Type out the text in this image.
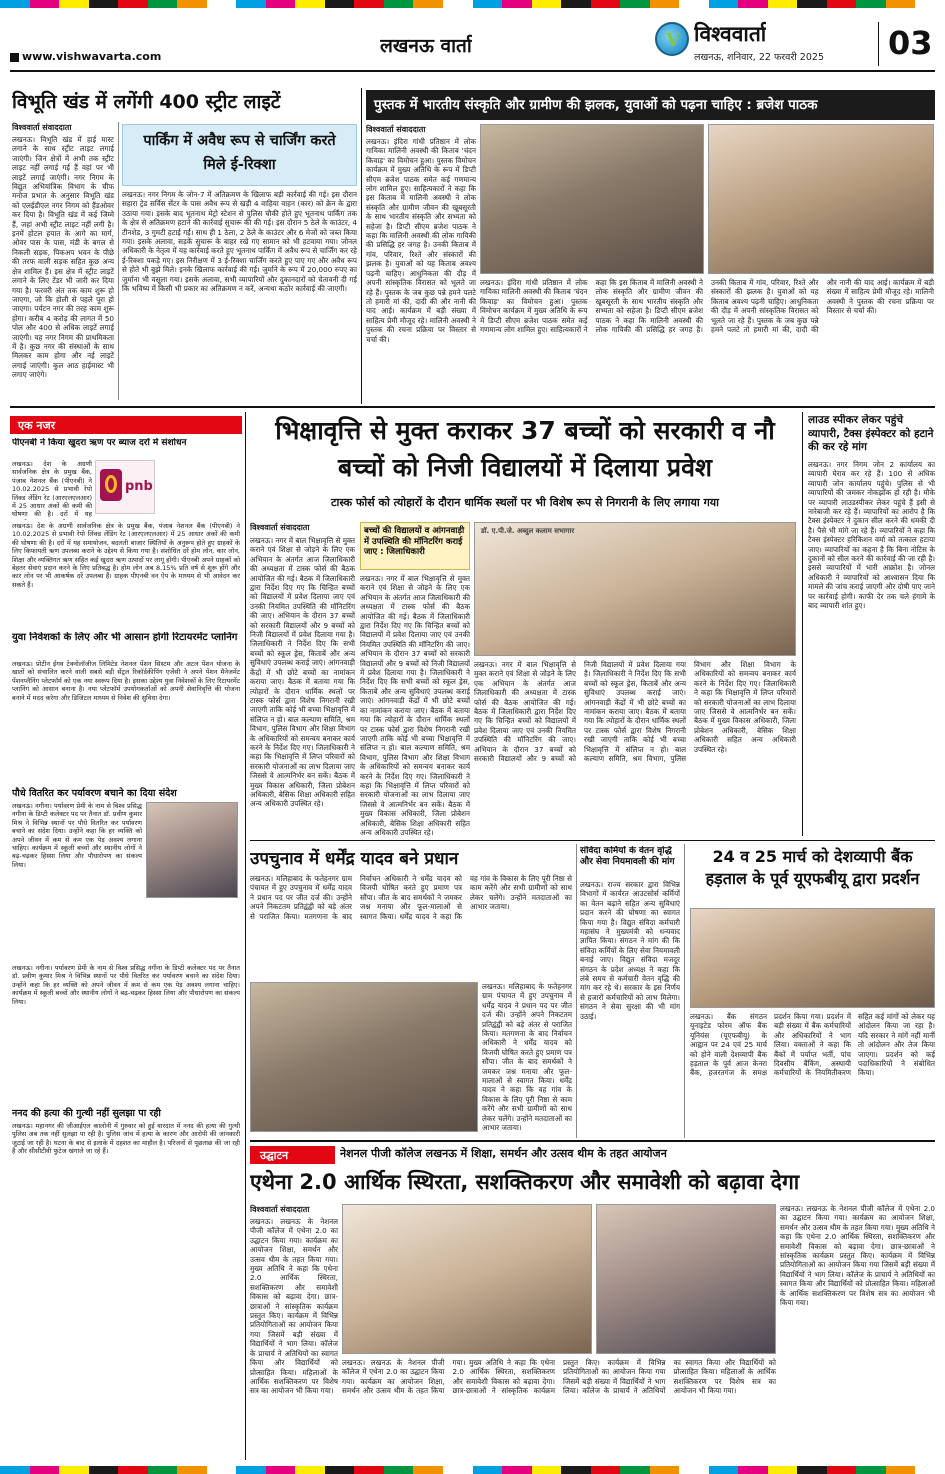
www.vishwavarta.com	लखनऊ वार्ता	V विश्ववार्ता
लखनऊ, शनिवार, 22 फरवरी 2025 03
विभूति खंड में लगेंगी 400 स्ट्रीट लाइटें
विश्ववार्ता संवाददाता
लखनऊ। विभूति खंड में हाई मास्ट लगाने के साथ स्ट्रीट लाइट लगाई जाएंगी। जिन क्षेत्रों में अभी तक स्ट्रीट लाइट नहीं लगाई गई हैं वहां पर भी लाइटें लगाई जाएंगी। नगर निगम के विद्युत अभियांत्रिक विभाग के चीफ मनोज प्रभात के अनुसार विभूति खंड को एलईडीएल नगर निगम को हैंडओवर कर दिया है। विभूति खंड में कई जिम्मे हैं, जहां अभी स्ट्रीट लाइट नहीं लगी है। इनमें होटल हयात के आगे का मार्ग, ओवर पास के पास, मंडी के बगल से निकली सड़क, पिकअप भवन के पीछे की तरफ वाली सड़क सहित कुछ अन्य क्षेत्र शामिल हैं। इस क्षेत्र में स्ट्रीट लाइटें लगाने के लिए टेंडर भी जारी कर दिया गया है। फरवरी अंत तक काम शुरू हो जाएगा, जो कि होली से पहले पूरा हो जाएगा। पर्यटन नगर की तरह काम शुरू होगा। करीब 4 करोड़ की लागत में 50 पोल और 400 से अधिक लाइटें लगाई जाएंगी। यह नगर निगम की प्राथमिकता में है। कुछ नगर की संस्थाओं के साथ मिलकर काम होगा और नई लाइटें लगाई जाएंगी। कुल आठ हाईमास्ट भी लगाए जाएंगे।
पार्किंग में अवैध रूप से चार्जिंग करते मिले ई-रिक्शा
लखनऊ। नगर निगम के जोन-7 में अतिक्रमण के खिलाफ बड़ी कार्रवाई की गई। इस दौरान सहारा ट्रेड सर्विस सेंटर के पास अवैध रूप से खड़ी 4 वाहिया वाहन (कार) को क्रेन के द्वारा उठाया गया। इसके बाद भूतनाथ मेट्रो स्टेशन से पुलिस चौकी होते हुए भूतनाथ पार्किंग तक के क्षेत्र से अतिक्रमण हटाने की कार्रवाई सुचारू की की गई। इस दौरान 5 ठेले के काउंटर, 4 टीनशेड, 3 गुमटी हटाई गईं। साथ ही 1 ठेला, 2 ठेले के काउंटर और 6 मेजों को जब्त किया गया। इसके अलावा, सड़कें सुचारू के बाहर रखे गए सामान को भी हटवाया गया। जोनल अधिकारी के नेतृत्व में यह कार्रवाई करते हुए भूतनाथ पार्किंग में अवैध रूप से चार्जिंग कर रहे ई-रिक्शा पकड़े गए। इस निरीक्षण में 3 ई-रिक्शा चार्जिंग करते हुए पाए गए और अवैध रूप से होते भी बुझे मिले। इनके खिलाफ कार्रवाई की गई। जुर्माने के रूप में 20,000 रुपए का जुर्माना भी वसूला गया। इसके अलावा, सभी व्यापारियों और दुकानदारों को चेतावनी दी गई कि भविष्य में किसी भी प्रकार का अतिक्रमण न करें, अन्यथा कठोर कार्रवाई की जाएगी।
पुस्तक में भारतीय संस्कृति और ग्रामीण की झलक, युवाओं को पढ़ना चाहिए : ब्रजेश पाठक
विश्ववार्ता संवाददाता
लखनऊ। इंदिरा गांधी प्रतिष्ठान में लोक गायिका मालिनी अवस्थी की किताब 'चंदन किवाड़' का विमोचन हुआ। पुस्तक विमोचन कार्यक्रम में मुख्य अतिथि के रूप में डिप्टी सीएम ब्रजेश पाठक समेत कई गणमान्य लोग शामिल हुए। साहित्यकारों ने कहा कि इस किताब में मालिनी अवस्थी ने लोक संस्कृति और ग्रामीण जीवन की खूबसूरती के साथ भारतीय संस्कृति और सभ्यता को सहेजा है। डिप्टी सीएम ब्रजेश पाठक ने कहा कि मालिनी अवस्थी की लोक गायिकी की प्रसिद्धि हर जगह है। उनकी किताब में गांव, परिवार, रिश्ते और संस्कारों की झलक है। युवाओं को यह किताब अवश्य पढ़नी चाहिए। आधुनिकता की दौड़ में अपनी सांस्कृतिक विरासत को भूलते जा रहे हैं। पुस्तक के जब कुछ पन्ने हमने पलटे तो हमारी मां की, दादी की और नानी की याद आई। कार्यक्रम में बड़ी संख्या में साहित्य प्रेमी मौजूद रहे। मालिनी अवस्थी ने पुस्तक की रचना प्रक्रिया पर विस्तार से चर्चा की।
लखनऊ। इंदिरा गांधी प्रतिष्ठान में लोक गायिका मालिनी अवस्थी की किताब 'चंदन किवाड़' का विमोचन हुआ। पुस्तक विमोचन कार्यक्रम में मुख्य अतिथि के रूप में डिप्टी सीएम ब्रजेश पाठक समेत कई गणमान्य लोग शामिल हुए। साहित्यकारों ने कहा कि इस किताब में मालिनी अवस्थी ने लोक संस्कृति और ग्रामीण जीवन की खूबसूरती के साथ भारतीय संस्कृति और सभ्यता को सहेजा है। डिप्टी सीएम ब्रजेश पाठक ने कहा कि मालिनी अवस्थी की लोक गायिकी की प्रसिद्धि हर जगह है। उनकी किताब में गांव, परिवार, रिश्ते और संस्कारों की झलक है। युवाओं को यह किताब अवश्य पढ़नी चाहिए। आधुनिकता की दौड़ में अपनी सांस्कृतिक विरासत को भूलते जा रहे हैं। पुस्तक के जब कुछ पन्ने हमने पलटे तो हमारी मां की, दादी की और नानी की याद आई। कार्यक्रम में बड़ी संख्या में साहित्य प्रेमी मौजूद रहे। मालिनी अवस्थी ने पुस्तक की रचना प्रक्रिया पर विस्तार से चर्चा की।
एक नजर
पीएनबी ने किया खुदरा ऋण पर ब्याज दरों में संशोधन
लखनऊ। देश के अग्रणी सार्वजनिक क्षेत्र के प्रमुख बैंक, पंजाब नेशनल बैंक (पीएनबी) ने 10.02.2025 से प्रभावी रेपो लिंक्ड लेंडिंग रेट (आरएलएलआर) में 25 आधार अंकों की कमी की घोषणा की है। दरों में यह
pnb
लखनऊ। देश के अग्रणी सार्वजनिक क्षेत्र के प्रमुख बैंक, पंजाब नेशनल बैंक (पीएनबी) ने 10.02.2025 से प्रभावी रेपो लिंक्ड लेंडिंग रेट (आरएलएलआर) में 25 आधार अंकों की कमी की घोषणा की है। दरों में यह समायोजन, बदलती बाजार स्थितियों के अनुरूप होते हुए ग्राहकों के लिए किफायती ऋण उपलब्ध कराने के उद्देश्य से किया गया है। संशोधित दरें होम लोन, कार लोन, शिक्षा और व्यक्तिगत ऋण सहित कई खुदरा ऋण उत्पादों पर लागू होंगी। पीएनबी अपने ग्राहकों को बेहतर सेवाएं प्रदान करने के लिए प्रतिबद्ध है। होम लोन अब 8.15% प्रति वर्ष से शुरू होंगे और कार लोन पर भी आकर्षक दरें उपलब्ध हैं। ग्राहक पीएनबी वन ऐप के माध्यम से भी आवेदन कर सकते हैं।
युवा निवेशकों के लिए और भी आसान होगी रिटायरमेंट प्लानिंग
लखनऊ। प्रोटीन ईगव टेक्नोलॉजीज लिमिटेड नेशनल पेंशन सिस्टम और अटल पेंशन योजना के खातों को संचालित करने वाली सबसे बड़ी सेंट्रल रिकॉर्डकीपिंग एजेंसी ने अपने पेंशन मैनेजमेंट पेंशनप्लैनिंग प्लेटफॉर्म को एक नया स्वरूप दिया है। इसका उद्देश्य युवा निवेशकों के लिए रिटायरमेंट प्लानिंग को आसान बनाना है। नया प्लेटफॉर्म उपयोगकर्ताओं को अपनी सेवानिवृत्ति की योजना बनाने में मदद करेगा और डिजिटल माध्यम से निवेश की सुविधा देगा।
पौधे वितरित कर पर्यावरण बचाने का दिया संदेश
लखनऊ। नगीना। पर्यावरण प्रेमी के नाम से विश्व प्रसिद्ध नगीना के डिप्टी कलेक्टर पद पर तैनात डॉ. प्रवीण कुमार मिश्र ने विभिन्न स्थानों पर पौधे वितरित कर पर्यावरण बचाने का संदेश दिया। उन्होंने कहा कि हर व्यक्ति को अपने जीवन में कम से कम एक पेड़ अवश्य लगाना चाहिए। कार्यक्रम में स्कूली बच्चों और स्थानीय लोगों ने बढ़-चढ़कर हिस्सा लिया और पौधारोपण का संकल्प लिया।
लखनऊ। नगीना। पर्यावरण प्रेमी के नाम से विश्व प्रसिद्ध नगीना के डिप्टी कलेक्टर पद पर तैनात डॉ. प्रवीण कुमार मिश्र ने विभिन्न स्थानों पर पौधे वितरित कर पर्यावरण बचाने का संदेश दिया। उन्होंने कहा कि हर व्यक्ति को अपने जीवन में कम से कम एक पेड़ अवश्य लगाना चाहिए। कार्यक्रम में स्कूली बच्चों और स्थानीय लोगों ने बढ़-चढ़कर हिस्सा लिया और पौधारोपण का संकल्प लिया।
ननद की हत्या की गुत्थी नहीं सुलझा पा रही
लखनऊ। महानगर की जीआईएल कालोनी में गुरुवार को हुई वारदात में ननद की हत्या की गुत्थी पुलिस अब तक नहीं सुलझा पा रही है। पुलिस जांच में हत्या के कारण और आरोपी की जानकारी जुटाई जा रही है। घटना के बाद से इलाके में दहशत का माहौल है। परिजनों से पूछताछ की जा रही है और सीसीटीवी फुटेज खंगाले जा रहे हैं।
भिक्षावृत्ति से मुक्त कराकर 37 बच्चों को सरकारी व नौ बच्चों को निजी विद्यालयों में दिलाया प्रवेश
टास्क फोर्स को त्योहारों के दौरान धार्मिक स्थलों पर भी विशेष रूप से निगरानी के लिए लगाया गया
विश्ववार्ता संवाददाता	बच्चों की विद्यालयों व आंगनवाड़ी में उपस्थिति की मॉनिटरिंग कराई जाए : जिलाधिकारी
डॉ. ए.पी.जे. अब्दुल कलाम सभागार
लखनऊ। नगर में बाल भिक्षावृत्ति से मुक्त कराने एवं शिक्षा से जोड़ने के लिए एक अभियान के अंतर्गत आज जिलाधिकारी की अध्यक्षता में टास्क फोर्स की बैठक आयोजित की गई। बैठक में जिलाधिकारी द्वारा निर्देश दिए गए कि चिन्हित बच्चों को विद्यालयों में प्रवेश दिलाया जाए एवं उनकी नियमित उपस्थिति की मॉनिटरिंग की जाए। अभियान के दौरान 37 बच्चों को सरकारी विद्यालयों और 9 बच्चों को निजी विद्यालयों में प्रवेश दिलाया गया है। जिलाधिकारी ने निर्देश दिए कि सभी बच्चों को स्कूल ड्रेस, किताबें और अन्य सुविधाएं उपलब्ध कराई जाएं। आंगनवाड़ी केंद्रों में भी छोटे बच्चों का नामांकन कराया जाए। बैठक में बताया गया कि त्योहारों के दौरान धार्मिक स्थलों पर टास्क फोर्स द्वारा विशेष निगरानी रखी जाएगी ताकि कोई भी बच्चा भिक्षावृत्ति में संलिप्त न हो। बाल कल्याण समिति, श्रम विभाग, पुलिस विभाग और शिक्षा विभाग के अधिकारियों को समन्वय बनाकर कार्य करने के निर्देश दिए गए। जिलाधिकारी ने कहा कि भिक्षावृत्ति में लिप्त परिवारों को सरकारी योजनाओं का लाभ दिलाया जाए जिससे वे आत्मनिर्भर बन सकें। बैठक में मुख्य विकास अधिकारी, जिला प्रोबेशन अधिकारी, बेसिक शिक्षा अधिकारी सहित अन्य अधिकारी उपस्थित रहे।
लखनऊ। नगर में बाल भिक्षावृत्ति से मुक्त कराने एवं शिक्षा से जोड़ने के लिए एक अभियान के अंतर्गत आज जिलाधिकारी की अध्यक्षता में टास्क फोर्स की बैठक आयोजित की गई। बैठक में जिलाधिकारी द्वारा निर्देश दिए गए कि चिन्हित बच्चों को विद्यालयों में प्रवेश दिलाया जाए एवं उनकी नियमित उपस्थिति की मॉनिटरिंग की जाए। अभियान के दौरान 37 बच्चों को सरकारी विद्यालयों और 9 बच्चों को निजी विद्यालयों में प्रवेश दिलाया गया है। जिलाधिकारी ने निर्देश दिए कि सभी बच्चों को स्कूल ड्रेस, किताबें और अन्य सुविधाएं उपलब्ध कराई जाएं। आंगनवाड़ी केंद्रों में भी छोटे बच्चों का नामांकन कराया जाए। बैठक में बताया गया कि त्योहारों के दौरान धार्मिक स्थलों पर टास्क फोर्स द्वारा विशेष निगरानी रखी जाएगी ताकि कोई भी बच्चा भिक्षावृत्ति में संलिप्त न हो। बाल कल्याण समिति, श्रम विभाग, पुलिस विभाग और शिक्षा विभाग के अधिकारियों को समन्वय बनाकर कार्य करने के निर्देश दिए गए। जिलाधिकारी ने कहा कि भिक्षावृत्ति में लिप्त परिवारों को सरकारी योजनाओं का लाभ दिलाया जाए जिससे वे आत्मनिर्भर बन सकें। बैठक में मुख्य विकास अधिकारी, जिला प्रोबेशन अधिकारी, बेसिक शिक्षा अधिकारी सहित अन्य अधिकारी उपस्थित रहे।
लखनऊ। नगर में बाल भिक्षावृत्ति से मुक्त कराने एवं शिक्षा से जोड़ने के लिए एक अभियान के अंतर्गत आज जिलाधिकारी की अध्यक्षता में टास्क फोर्स की बैठक आयोजित की गई। बैठक में जिलाधिकारी द्वारा निर्देश दिए गए कि चिन्हित बच्चों को विद्यालयों में प्रवेश दिलाया जाए एवं उनकी नियमित उपस्थिति की मॉनिटरिंग की जाए। अभियान के दौरान 37 बच्चों को सरकारी विद्यालयों और 9 बच्चों को निजी विद्यालयों में प्रवेश दिलाया गया है। जिलाधिकारी ने निर्देश दिए कि सभी बच्चों को स्कूल ड्रेस, किताबें और अन्य सुविधाएं उपलब्ध कराई जाएं। आंगनवाड़ी केंद्रों में भी छोटे बच्चों का नामांकन कराया जाए। बैठक में बताया गया कि त्योहारों के दौरान धार्मिक स्थलों पर टास्क फोर्स द्वारा विशेष निगरानी रखी जाएगी ताकि कोई भी बच्चा भिक्षावृत्ति में संलिप्त न हो। बाल कल्याण समिति, श्रम विभाग, पुलिस विभाग और शिक्षा विभाग के अधिकारियों को समन्वय बनाकर कार्य करने के निर्देश दिए गए। जिलाधिकारी ने कहा कि भिक्षावृत्ति में लिप्त परिवारों को सरकारी योजनाओं का लाभ दिलाया जाए जिससे वे आत्मनिर्भर बन सकें। बैठक में मुख्य विकास अधिकारी, जिला प्रोबेशन अधिकारी, बेसिक शिक्षा अधिकारी सहित अन्य अधिकारी उपस्थित रहे।
लाउड स्पीकर लेकर पहुंचे व्यापारी, टैक्स इंस्पेक्टर को हटाने की कर रहे मांग
लखनऊ। नगर निगम जोन 2 कार्यालय का व्यापारी घेराव कर रहे हैं। 100 से अधिक व्यापारी जोन कार्यालय पहुंचे। पुलिस से भी व्यापारियों की जमकर नोकझोंक हो रही है। मौके पर व्यापारी लाउडस्पीकर लेकर पहुंचे हैं इसी से नारेबाजी कर रहे हैं। व्यापारियों का आरोप है कि टैक्स इंस्पेक्टर ने दुकान सील करने की धमकी दी है। पैसे भी मांगे जा रहे हैं। व्यापारियों ने कहा कि टैक्स इंस्पेक्टर हरिकिशन वर्मा को तत्काल हटाया जाए। व्यापारियों का कहना है कि बिना नोटिस के दुकानों को सील करने की कार्रवाई की जा रही है। इससे व्यापारियों में भारी आक्रोश है। जोनल अधिकारी ने व्यापारियों को आश्वासन दिया कि मामले की जांच कराई जाएगी और दोषी पाए जाने पर कार्रवाई होगी। काफी देर तक चले हंगामे के बाद व्यापारी शांत हुए।
उपचुनाव में धर्मेंद्र यादव बने प्रधान
लखनऊ। मलिहाबाद के फतेहनगर ग्राम पंचायत में हुए उपचुनाव में धर्मेंद्र यादव ने प्रधान पद पर जीत दर्ज की। उन्होंने अपने निकटतम प्रतिद्वंद्वी को बड़े अंतर से पराजित किया। मतगणना के बाद निर्वाचन अधिकारी ने धर्मेंद्र यादव को विजयी घोषित करते हुए प्रमाण पत्र सौंपा। जीत के बाद समर्थकों ने जमकर जश्न मनाया और फूल-मालाओं से स्वागत किया। धर्मेंद्र यादव ने कहा कि वह गांव के विकास के लिए पूरी निष्ठा से काम करेंगे और सभी ग्रामीणों को साथ लेकर चलेंगे। उन्होंने मतदाताओं का आभार जताया।
लखनऊ। मलिहाबाद के फतेहनगर ग्राम पंचायत में हुए उपचुनाव में धर्मेंद्र यादव ने प्रधान पद पर जीत दर्ज की। उन्होंने अपने निकटतम प्रतिद्वंद्वी को बड़े अंतर से पराजित किया। मतगणना के बाद निर्वाचन अधिकारी ने धर्मेंद्र यादव को विजयी घोषित करते हुए प्रमाण पत्र सौंपा। जीत के बाद समर्थकों ने जमकर जश्न मनाया और फूल-मालाओं से स्वागत किया। धर्मेंद्र यादव ने कहा कि वह गांव के विकास के लिए पूरी निष्ठा से काम करेंगे और सभी ग्रामीणों को साथ लेकर चलेंगे। उन्होंने मतदाताओं का आभार जताया।
संविदा कर्मियों के वेतन वृद्धि और सेवा नियमावली की मांग
लखनऊ। राज्य सरकार द्वारा विभिन्न विभागों में कार्यरत आउटसोर्स कर्मियों का वेतन बढ़ाने सहित अन्य सुविधाएं प्रदान करने की घोषणा का स्वागत किया गया है। विद्युत संविदा कर्मचारी महासंघ ने मुख्यमंत्री को धन्यवाद ज्ञापित किया। संगठन ने मांग की कि संविदा कर्मियों के लिए सेवा नियमावली बनाई जाए। विद्युत संविदा मजदूर संगठन के प्रदेश अध्यक्ष ने कहा कि लंबे समय से कर्मचारी वेतन वृद्धि की मांग कर रहे थे। सरकार के इस निर्णय से हजारों कर्मचारियों को लाभ मिलेगा। संगठन ने सेवा सुरक्षा की भी मांग उठाई।
24 व 25 मार्च को देशव्यापी बैंक हड़ताल के पूर्व यूएफबीयू द्वारा प्रदर्शन
लखनऊ। बैंक संगठन यूनाइटेड फोरम ऑफ बैंक यूनियंस (यूएफबीयू) के आह्वान पर 24 एवं 25 मार्च को होने वाली देशव्यापी बैंक हड़ताल के पूर्व आज केनरा बैंक, हजरतगंज के समक्ष प्रदर्शन किया गया। प्रदर्शन में बड़ी संख्या में बैंक कर्मचारियों और अधिकारियों ने भाग लिया। वक्ताओं ने कहा कि बैंकों में पर्याप्त भर्ती, पांच दिवसीय बैंकिंग, अस्थायी कर्मचारियों के नियमितीकरण सहित कई मांगों को लेकर यह आंदोलन किया जा रहा है। यदि सरकार ने मांगें नहीं मानीं तो आंदोलन और तेज किया जाएगा। प्रदर्शन को कई पदाधिकारियों ने संबोधित किया।
उद्घाटन	नेशनल पीजी कॉलेज लखनऊ में शिक्षा, समर्थन और उत्सव थीम के तहत आयोजन
एथेना 2.0 आर्थिक स्थिरता, सशक्तिकरण और समावेशी को बढ़ावा देगा
विश्ववार्ता संवाददाता
लखनऊ। लखनऊ के नेशनल पीजी कॉलेज में एथेना 2.0 का उद्घाटन किया गया। कार्यक्रम का आयोजन शिक्षा, समर्थन और उत्सव थीम के तहत किया गया। मुख्य अतिथि ने कहा कि एथेना 2.0 आर्थिक स्थिरता, सशक्तिकरण और समावेशी विकास को बढ़ावा देगा। छात्र-छात्राओं ने सांस्कृतिक कार्यक्रम प्रस्तुत किए। कार्यक्रम में विभिन्न प्रतियोगिताओं का आयोजन किया गया जिसमें बड़ी संख्या में विद्यार्थियों ने भाग लिया। कॉलेज के प्राचार्य ने अतिथियों का स्वागत किया और विद्यार्थियों को प्रोत्साहित किया। महिलाओं के आर्थिक सशक्तिकरण पर विशेष सत्र का आयोजन भी किया गया।
लखनऊ। लखनऊ के नेशनल पीजी कॉलेज में एथेना 2.0 का उद्घाटन किया गया। कार्यक्रम का आयोजन शिक्षा, समर्थन और उत्सव थीम के तहत किया गया। मुख्य अतिथि ने कहा कि एथेना 2.0 आर्थिक स्थिरता, सशक्तिकरण और समावेशी विकास को बढ़ावा देगा। छात्र-छात्राओं ने सांस्कृतिक कार्यक्रम प्रस्तुत किए। कार्यक्रम में विभिन्न प्रतियोगिताओं का आयोजन किया गया जिसमें बड़ी संख्या में विद्यार्थियों ने भाग लिया। कॉलेज के प्राचार्य ने अतिथियों का स्वागत किया और विद्यार्थियों को प्रोत्साहित किया। महिलाओं के आर्थिक सशक्तिकरण पर विशेष सत्र का आयोजन भी किया गया।
लखनऊ। लखनऊ के नेशनल पीजी कॉलेज में एथेना 2.0 का उद्घाटन किया गया। कार्यक्रम का आयोजन शिक्षा, समर्थन और उत्सव थीम के तहत किया गया। मुख्य अतिथि ने कहा कि एथेना 2.0 आर्थिक स्थिरता, सशक्तिकरण और समावेशी विकास को बढ़ावा देगा। छात्र-छात्राओं ने सांस्कृतिक कार्यक्रम प्रस्तुत किए। कार्यक्रम में विभिन्न प्रतियोगिताओं का आयोजन किया गया जिसमें बड़ी संख्या में विद्यार्थियों ने भाग लिया। कॉलेज के प्राचार्य ने अतिथियों का स्वागत किया और विद्यार्थियों को प्रोत्साहित किया। महिलाओं के आर्थिक सशक्तिकरण पर विशेष सत्र का आयोजन भी किया गया।
